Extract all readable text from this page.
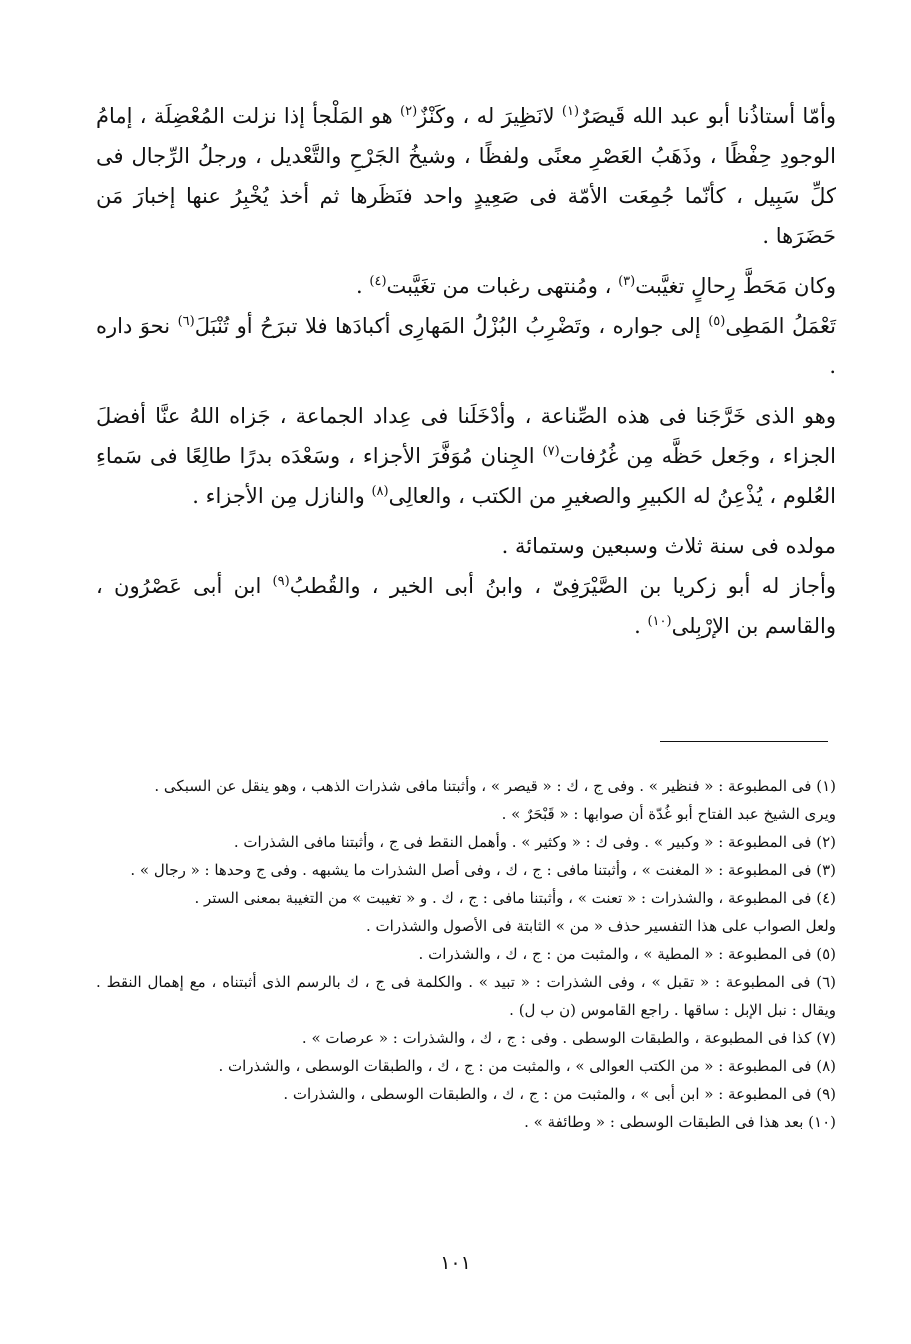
وأمّا أستاذُنا أبو عبد الله قَيصَرٌ$^{(١)}$ لانَظِيرَ له ، وكَنْزٌ$^{(٢)}$ هو المَلْجأ إذا نزلت المُعْضِلَة ، إمامُ الوجودِ حِفْظًا ، وذَهَبُ العَصْرِ معنًى ولفظًا ، وشيخُ الجَرْحِ والتَّعْديل ، ورجلُ الرِّجال فى كلِّ سَبِيل ، كأنّما جُمِعَت الأمّة فى صَعِيدٍ واحد فنَظَرها ثم أخذ يُخْبِرُ عنها إخبارَ مَن حَضَرَها .

وكان مَحَطَّ رِحالٍ تغيَّبت$^{(٣)}$ ، ومُنتهى رغبات من تغَيَّبت$^{(٤)}$ .

تَعْمَلُ المَطِى$^{(٥)}$ إلى جواره ، وتَضْرِبُ البُزْلُ المَهارِى أكبادَها فلا تبرَحُ أو تُنْبَلَ$^{(٦)}$ نحوَ داره .

وهو الذى خَرَّجَنا فى هذه الصِّناعة ، وأدْخَلَنا فى عِداد الجماعة ، جَزاه اللهُ عنَّا أفضلَ الجزاء ، وجَعل حَظَّه مِن غُرُفات$^{(٧)}$ الجِنان مُوَفَّرَ الأجزاء ، وسَعْدَه بدرًا طالِعًا فى سَماءِ العُلوم ، يُذْعِنُ له الكبيرِ والصغيرِ من الكتب ، والعالِى$^{(٨)}$ والنازل مِن الأجزاء .

مولده فى سنة ثلاث وسبعين وستمائة .

وأجاز له أبو زكريا بن الصَّيْرَفِىّ ، وابنُ أبى الخير ، والقُطبُ$^{(٩)}$ ابن أبى عَصْرُون ، والقاسم بن الإرْبِلى$^{(١٠)}$ .

(١) فى المطبوعة : « فنظير » . وفى ج ، ك : « قيصر » ، وأثبتنا مافى شذرات الذهب ، وهو ينقل عن السبكى .

ويرى الشيخ عبد الفتاح أبو غُدّة أن صوابها : « قَبْحَرٌ » .

(٢) فى المطبوعة : « وكبير » . وفى ك : « وكثير » . وأهمل النقط فى ج ، وأثبتنا مافى الشذرات .

(٣) فى المطبوعة : « المغنت » ، وأثبتنا مافى : ج ، ك ، وفى أصل الشذرات ما يشبهه . وفى ج وحدها : « رجال » .

(٤) فى المطبوعة ، والشذرات : « تعنت » ، وأثبتنا مافى : ج ، ك . و « تغيبت » من التغيبة بمعنى الستر .

ولعل الصواب على هذا التفسير حذف « من » الثابتة فى الأصول والشذرات .

(٥) فى المطبوعة : « المطية » ، والمثبت من : ج ، ك ، والشذرات .

(٦) فى المطبوعة : « تقبل » ، وفى الشذرات : « تبيد » . والكلمة فى ج ، ك بالرسم الذى أثبتناه ، مع إهمال النقط . ويقال : نبل الإبل : ساقها . راجع القاموس (ن ب ل) .

(٧) كذا فى المطبوعة ، والطبقات الوسطى . وفى : ج ، ك ، والشذرات : « عرصات » .

(٨) فى المطبوعة : « من الكتب العوالى » ، والمثبت من : ج ، ك ، والطبقات الوسطى ، والشذرات .

(٩) فى المطبوعة : « ابن أبى » ، والمثبت من : ج ، ك ، والطبقات الوسطى ، والشذرات .

(١٠) بعد هذا فى الطبقات الوسطى : « وطائفة » .

١٠١
